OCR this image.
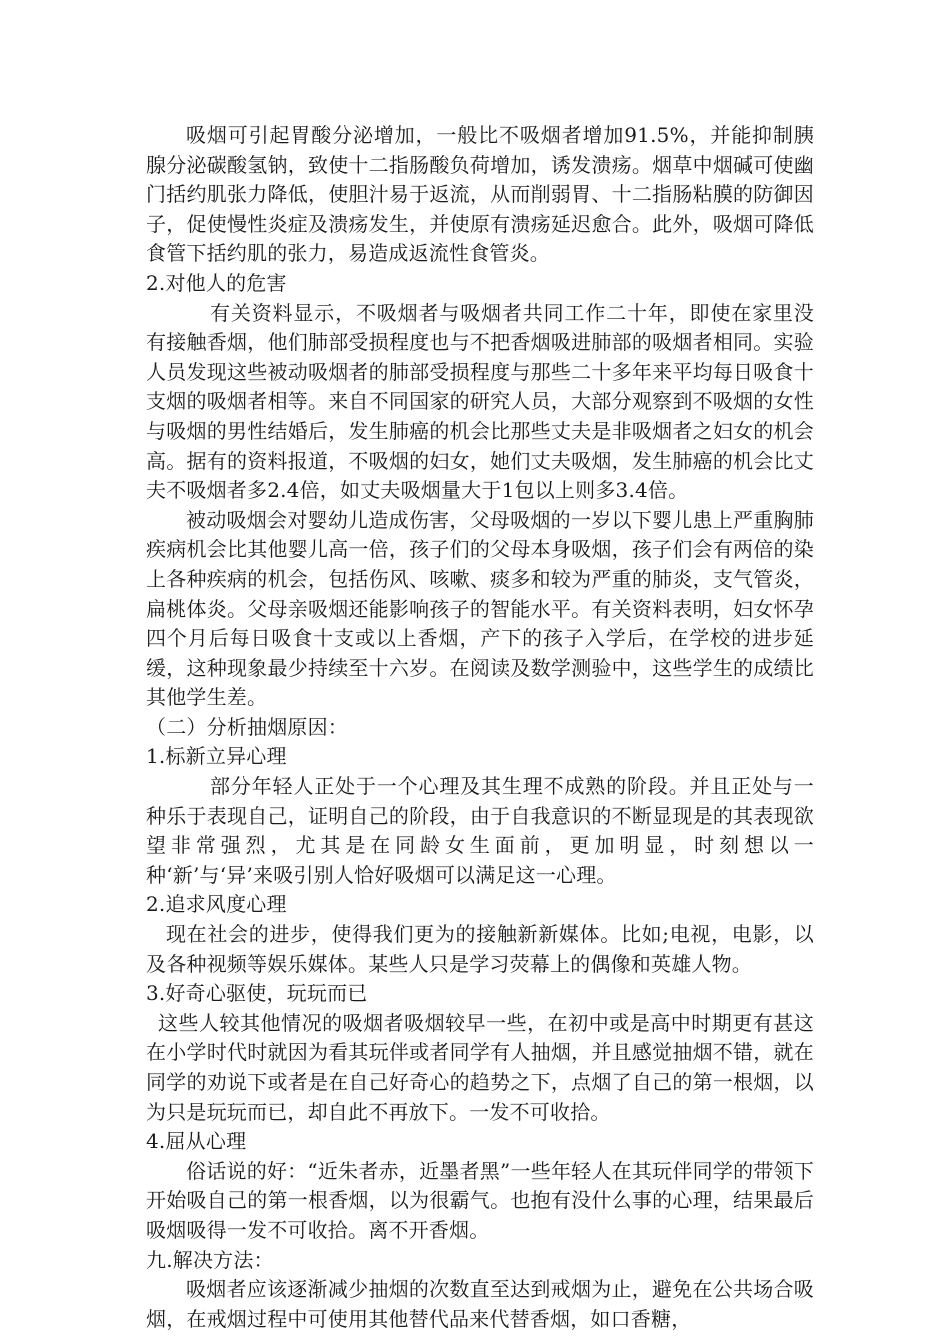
吸烟可引起胃酸分泌增加，一般比不吸烟者增加91.5%，并能抑制胰腺分泌碳酸氢钠，致使十二指肠酸负荷增加，诱发溃疡。烟草中烟碱可使幽门括约肌张力降低，使胆汁易于返流，从而削弱胃、十二指肠粘膜的防御因子，促使慢性炎症及溃疡发生，并使原有溃疡延迟愈合。此外，吸烟可降低食管下括约肌的张力，易造成返流性食管炎。

2.对他人的危害

有关资料显示，不吸烟者与吸烟者共同工作二十年，即使在家里没有接触香烟，他们肺部受损程度也与不把香烟吸进肺部的吸烟者相同。实验人员发现这些被动吸烟者的肺部受损程度与那些二十多年来平均每日吸食十支烟的吸烟者相等。来自不同国家的研究人员，大部分观察到不吸烟的女性与吸烟的男性结婚后，发生肺癌的机会比那些丈夫是非吸烟者之妇女的机会高。据有的资料报道，不吸烟的妇女，她们丈夫吸烟，发生肺癌的机会比丈夫不吸烟者多2.4倍，如丈夫吸烟量大于1包以上则多3.4倍。

被动吸烟会对婴幼儿造成伤害，父母吸烟的一岁以下婴儿患上严重胸肺疾病机会比其他婴儿高一倍，孩子们的父母本身吸烟，孩子们会有两倍的染上各种疾病的机会，包括伤风、咳嗽、痰多和较为严重的肺炎，支气管炎，扁桃体炎。父母亲吸烟还能影响孩子的智能水平。有关资料表明，妇女怀孕四个月后每日吸食十支或以上香烟，产下的孩子入学后，在学校的进步延缓，这种现象最少持续至十六岁。在阅读及数学测验中，这些学生的成绩比其他学生差。

（二）分析抽烟原因：

1.标新立异心理

部分年轻人正处于一个心理及其生理不成熟的阶段。并且正处与一种乐于表现自己，证明自己的阶段，由于自我意识的不断显现是的其表现欲望非常强烈，尤其是在同龄女生面前，更加明显，时刻想以一种‘新’与‘异’来吸引别人恰好吸烟可以满足这一心理。

2.追求风度心理

现在社会的进步，使得我们更为的接触新新媒体。比如;电视，电影，以及各种视频等娱乐媒体。某些人只是学习荧幕上的偶像和英雄人物。

3.好奇心驱使，玩玩而已

这些人较其他情况的吸烟者吸烟较早一些，在初中或是高中时期更有甚这在小学时代时就因为看其玩伴或者同学有人抽烟，并且感觉抽烟不错，就在同学的劝说下或者是在自己好奇心的趋势之下，点烟了自己的第一根烟，以为只是玩玩而已，却自此不再放下。一发不可收拾。

4.屈从心理

俗话说的好：“近朱者赤，近墨者黑”一些年轻人在其玩伴同学的带领下开始吸自己的第一根香烟，以为很霸气。也抱有没什么事的心理，结果最后吸烟吸得一发不可收拾。离不开香烟。

九.解决方法：

吸烟者应该逐渐减少抽烟的次数直至达到戒烟为止，避免在公共场合吸烟，在戒烟过程中可使用其他替代品来代替香烟，如口香糖，
